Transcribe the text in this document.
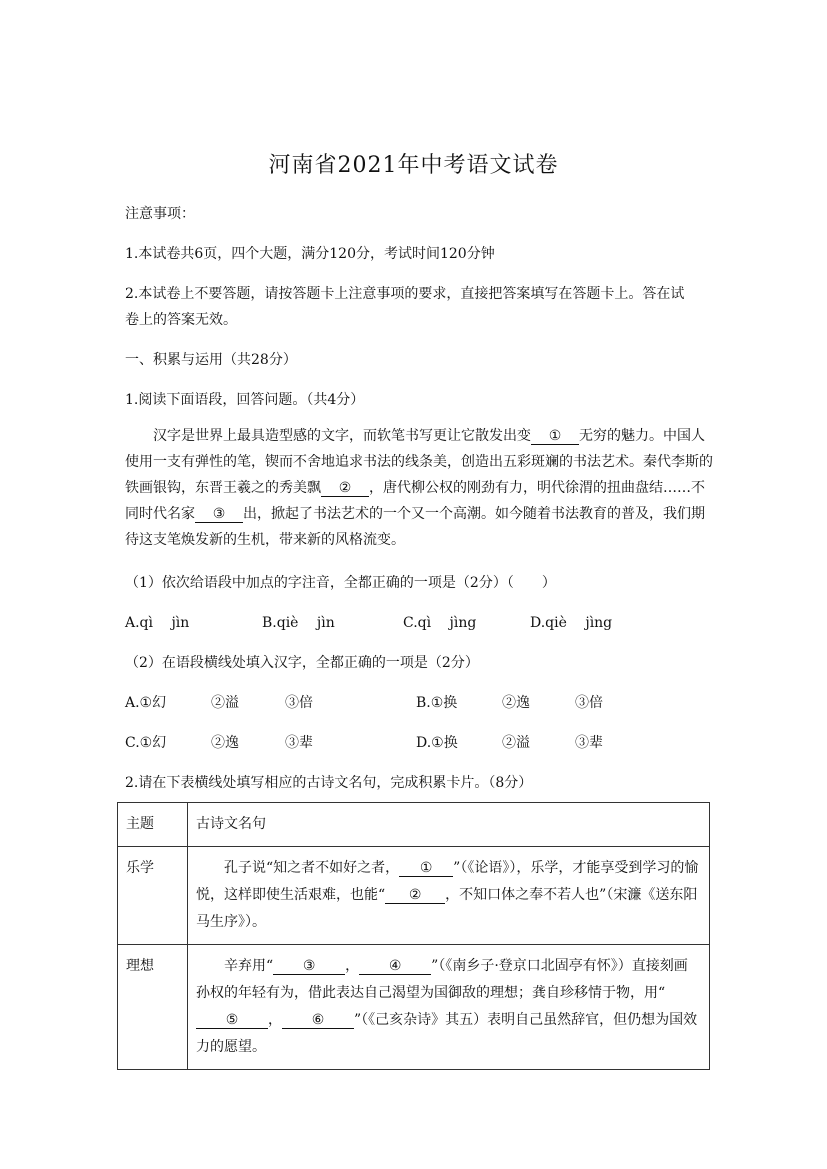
河南省2021年中考语文试卷
注意事项：
1.本试卷共6页，四个大题，满分120分，考试时间120分钟
2.本试卷上不要答题，请按答题卡上注意事项的要求，直接把答案填写在答题卡上。答在试
卷上的答案无效。
一、积累与运用（共28分）
1.阅读下面语段，回答问题。（共4分）
汉字是世界上最具造型感的文字，而软笔书写更让它散发出变 ① 无穷的魅力。中国人使用一支有弹性的笔，锲而不舍地追求书法的线条美，创造出五彩斑斓的书法艺术。秦代李斯的铁画银钩，东晋王羲之的秀美飘 ② ，唐代柳公权的刚劲有力，明代徐渭的扭曲盘结……不同时代名家 ③ 出，掀起了书法艺术的一个又一个高潮。如今随着书法教育的普及，我们期待这支笔焕发新的生机，带来新的风格流变。
（1）依次给语段中加点的字注音，全都正确的一项是（2分）（　　）
A.qì　 jìn	B.qiè　 jìn	C.qì　 jìng	D.qiè　 jìng
（2）在语段横线处填入汉字，全都正确的一项是（2分）
A.①幻	②溢	③倍	B.①换	②逸	③倍
C.①幻	②逸	③辈	D.①换	②溢	③辈
2.请在下表横线处填写相应的古诗文名句，完成积累卡片。（8分）
主题	古诗文名句
乐学	孔子说“知之者不如好之者， ① ”（《论语》），乐学，才能享受到学习的愉悦，这样即使生活艰难，也能“ ② ，不知口体之奉不若人也”（宋濂《送东阳马生序》）。

理想	辛弃用“ ③ ， ④ ”（《南乡子·登京口北固亭有怀》）直接刻画孙权的年轻有为，借此表达自己渴望为国御敌的理想；龚自珍移情于物，用“⑤ ， ⑥ ”（《己亥杂诗》其五）表明自己虽然辞官，但仍想为国效力的愿望。
